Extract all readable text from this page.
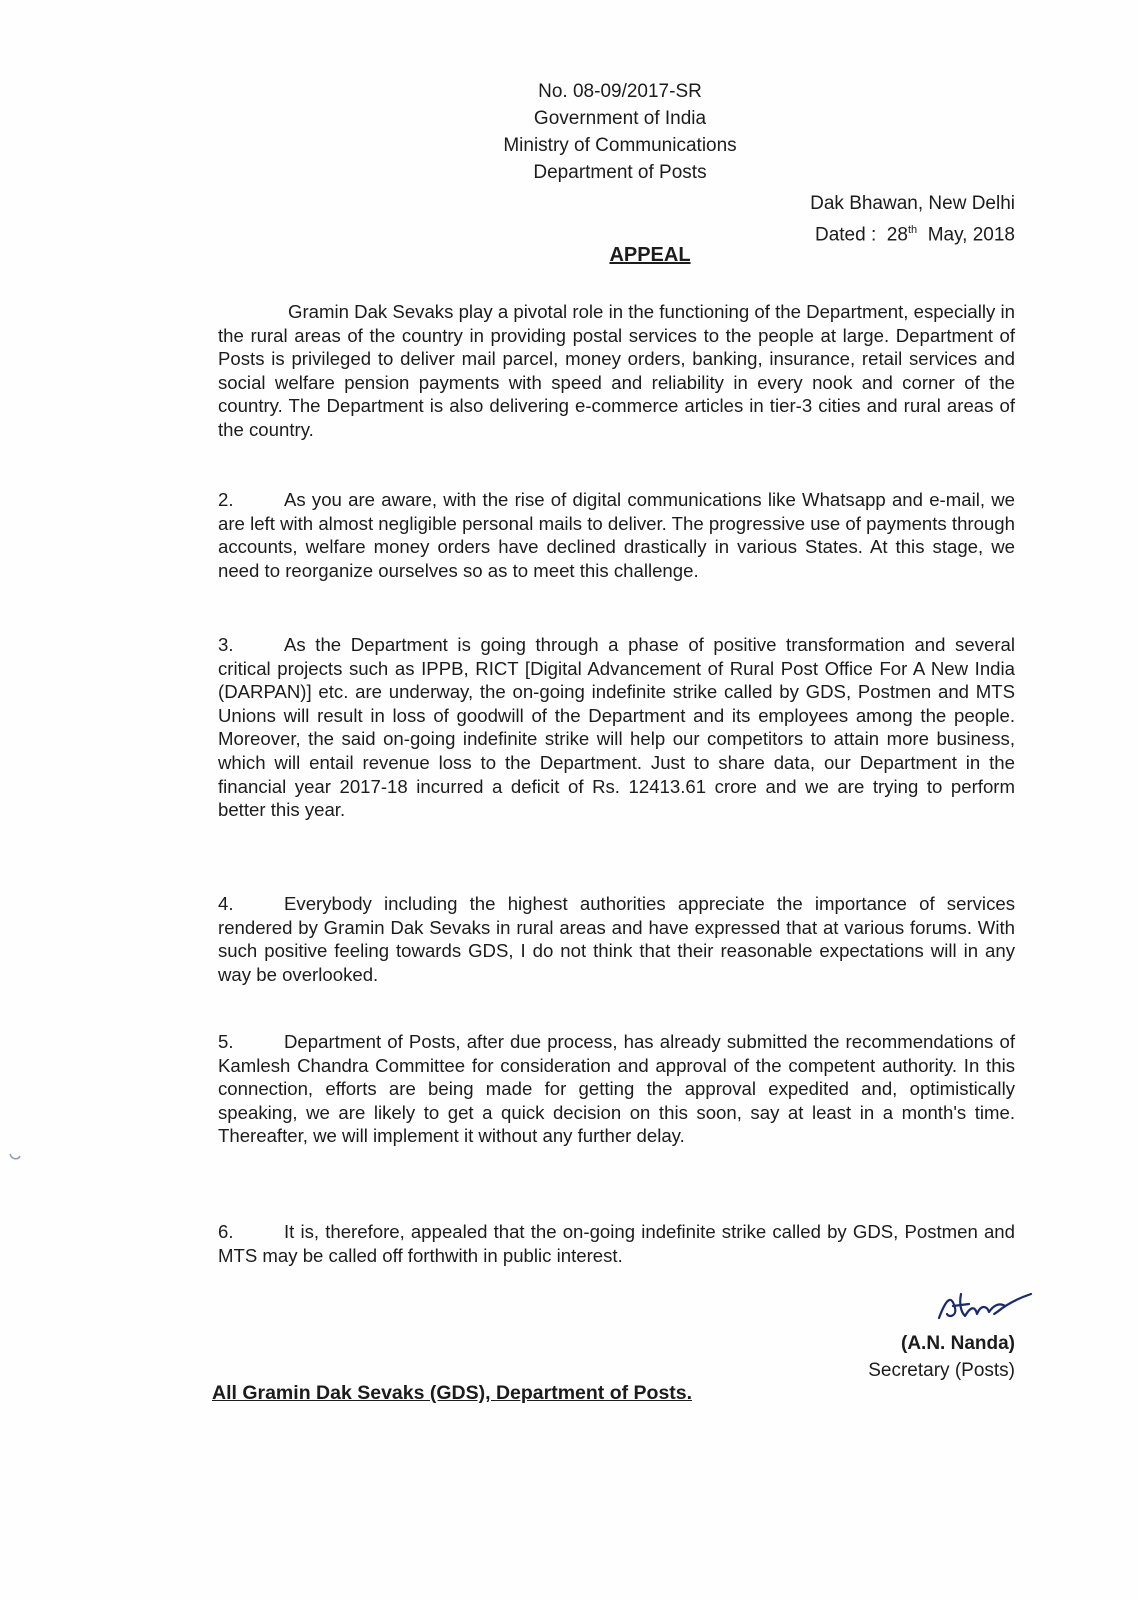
No. 08-09/2017-SR
Government of India
Ministry of Communications
Department of Posts
Dak Bhawan, New Delhi
Dated : 28th May, 2018
APPEAL

Gramin Dak Sevaks play a pivotal role in the functioning of the Department, especially in the rural areas of the country in providing postal services to the people at large. Department of Posts is privileged to deliver mail parcel, money orders, banking, insurance, retail services and social welfare pension payments with speed and reliability in every nook and corner of the country. The Department is also delivering e-commerce articles in tier-3 cities and rural areas of the country.

2.	As you are aware, with the rise of digital communications like Whatsapp and e-mail, we are left with almost negligible personal mails to deliver. The progressive use of payments through accounts, welfare money orders have declined drastically in various States. At this stage, we need to reorganize ourselves so as to meet this challenge.

3.	As the Department is going through a phase of positive transformation and several critical projects such as IPPB, RICT [Digital Advancement of Rural Post Office For A New India (DARPAN)] etc. are underway, the on-going indefinite strike called by GDS, Postmen and MTS Unions will result in loss of goodwill of the Department and its employees among the people. Moreover, the said on-going indefinite strike will help our competitors to attain more business, which will entail revenue loss to the Department. Just to share data, our Department in the financial year 2017-18 incurred a deficit of Rs. 12413.61 crore and we are trying to perform better this year.

4.	Everybody including the highest authorities appreciate the importance of services rendered by Gramin Dak Sevaks in rural areas and have expressed that at various forums. With such positive feeling towards GDS, I do not think that their reasonable expectations will in any way be overlooked.

5.	Department of Posts, after due process, has already submitted the recommendations of Kamlesh Chandra Committee for consideration and approval of the competent authority. In this connection, efforts are being made for getting the approval expedited and, optimistically speaking, we are likely to get a quick decision on this soon, say at least in a month's time. Thereafter, we will implement it without any further delay.

6.	It is, therefore, appealed that the on-going indefinite strike called by GDS, Postmen and MTS may be called off forthwith in public interest.

(A.N. Nanda)
Secretary (Posts)
All Gramin Dak Sevaks (GDS), Department of Posts.
